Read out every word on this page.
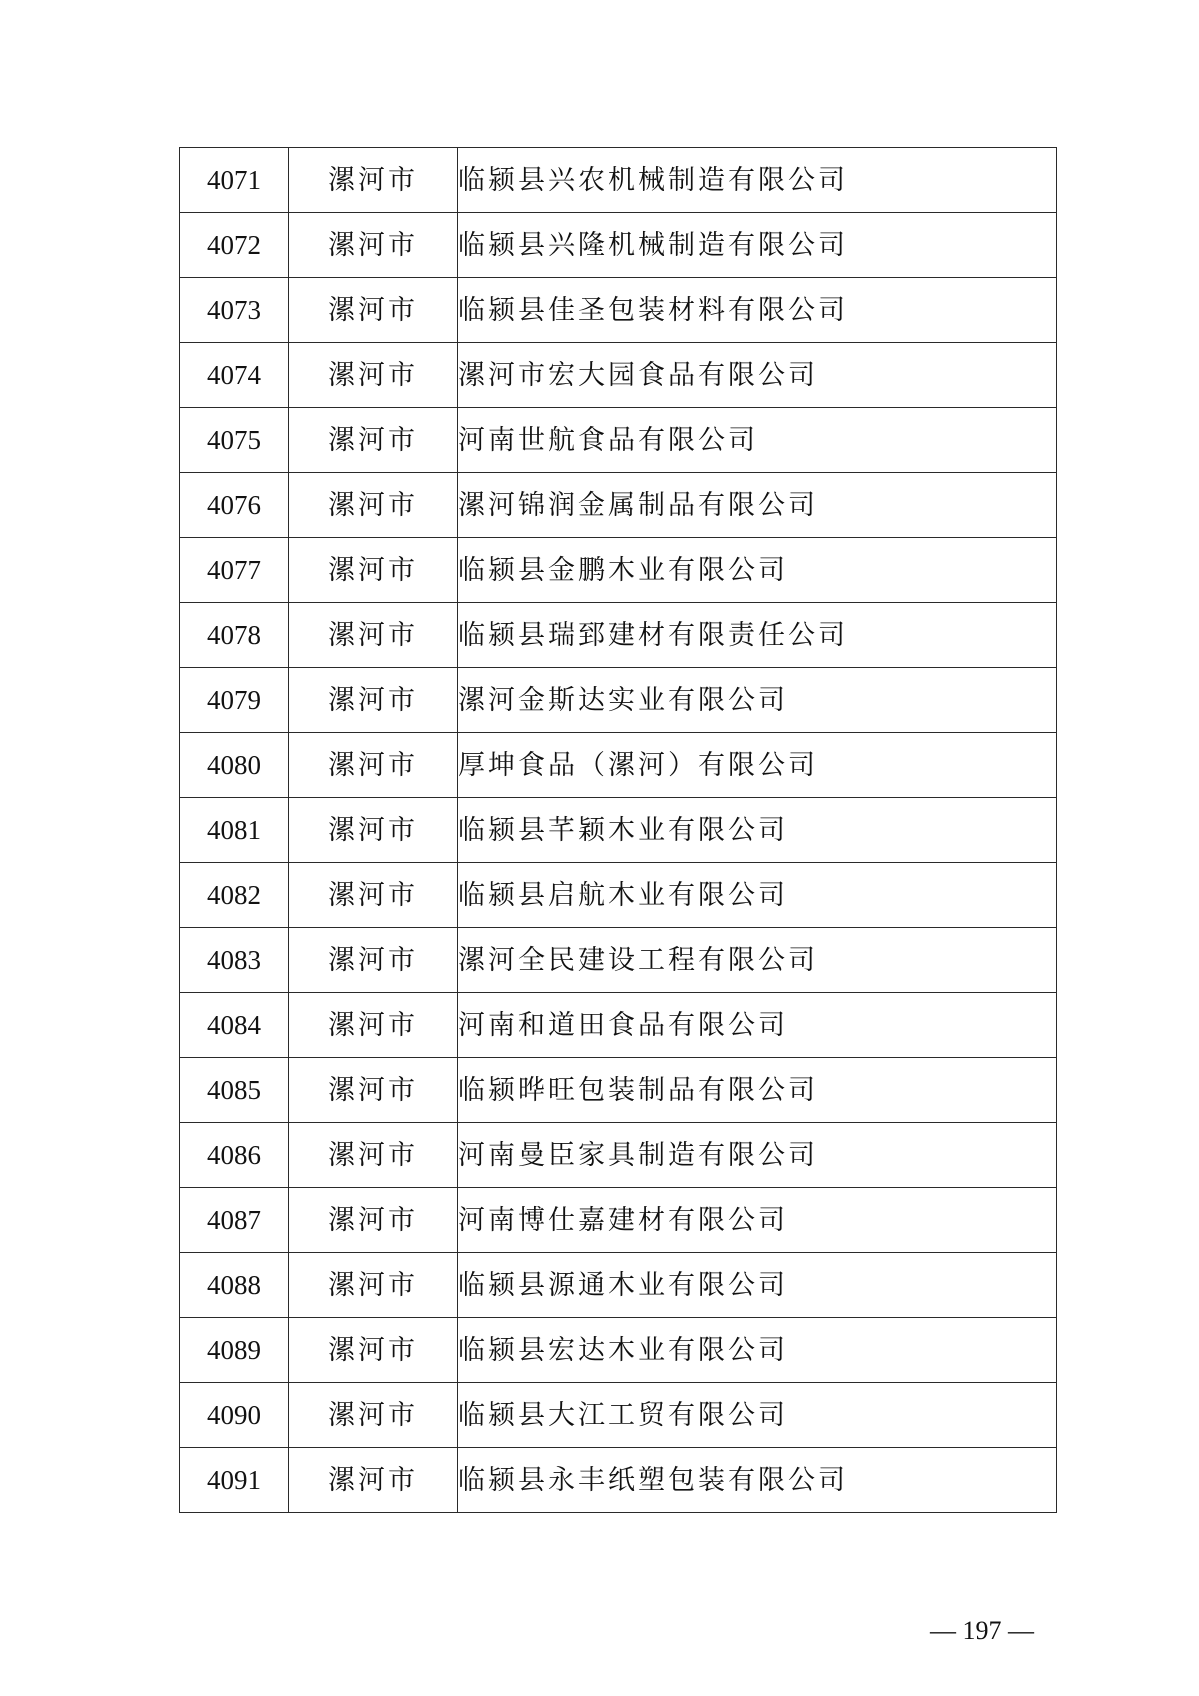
4071	漯河市	临颍县兴农机械制造有限公司
4072	漯河市	临颍县兴隆机械制造有限公司
4073	漯河市	临颍县佳圣包装材料有限公司
4074	漯河市	漯河市宏大园食品有限公司
4075	漯河市	河南世航食品有限公司
4076	漯河市	漯河锦润金属制品有限公司
4077	漯河市	临颍县金鹏木业有限公司
4078	漯河市	临颍县瑞郅建材有限责任公司
4079	漯河市	漯河金斯达实业有限公司
4080	漯河市	厚坤食品（漯河）有限公司
4081	漯河市	临颍县芊颖木业有限公司
4082	漯河市	临颍县启航木业有限公司
4083	漯河市	漯河全民建设工程有限公司
4084	漯河市	河南和道田食品有限公司
4085	漯河市	临颍晔旺包装制品有限公司
4086	漯河市	河南曼臣家具制造有限公司
4087	漯河市	河南博仕嘉建材有限公司
4088	漯河市	临颍县源通木业有限公司
4089	漯河市	临颍县宏达木业有限公司
4090	漯河市	临颍县大江工贸有限公司
4091	漯河市	临颍县永丰纸塑包装有限公司
— 197 —
